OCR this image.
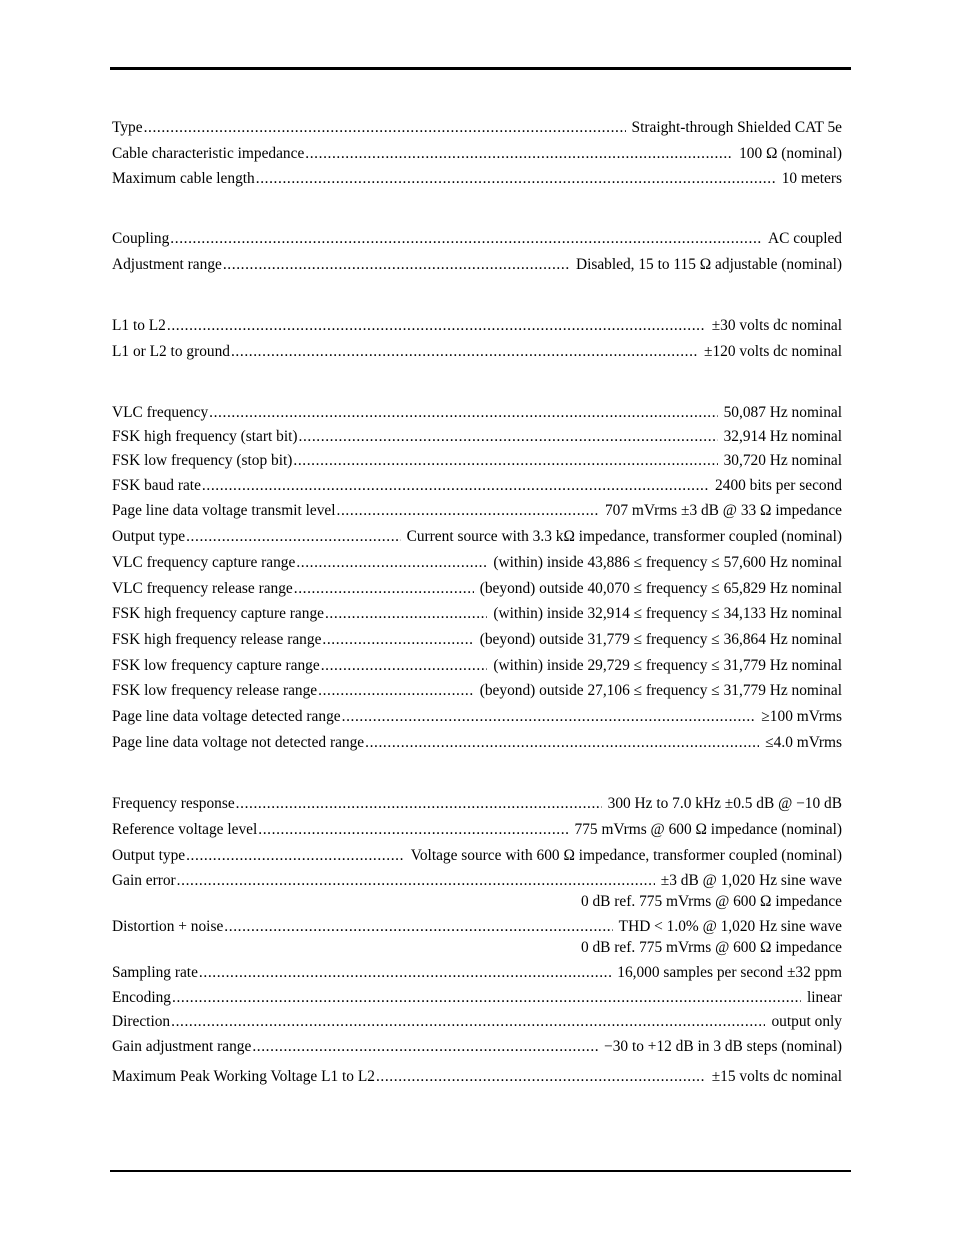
Type .....	Straight-through Shielded CAT 5e
Cable characteristic impedance .....	100 Ω (nominal)
Maximum cable length .....	10 meters
Coupling .....	AC coupled
Adjustment range .....	Disabled, 15 to 115 Ω adjustable (nominal)
L1 to L2 .....	±30 volts dc nominal
L1 or L2 to ground .....	±120 volts dc nominal
VLC frequency .....	50,087 Hz nominal
FSK high frequency (start bit) .....	32,914 Hz nominal
FSK low frequency (stop bit) .....	30,720 Hz nominal
FSK baud rate .....	2400 bits per second
Page line data voltage transmit level .....	707 mVrms ±3 dB @ 33 Ω impedance
Output type .....	Current source with 3.3 kΩ impedance, transformer coupled (nominal)
VLC frequency capture range .....	(within) inside 43,886 ≤ frequency ≤ 57,600 Hz nominal
VLC frequency release range .....	(beyond) outside 40,070 ≤ frequency ≤ 65,829 Hz nominal
FSK high frequency capture range .....	(within) inside 32,914 ≤ frequency ≤ 34,133 Hz nominal
FSK high frequency release range .....	(beyond) outside 31,779 ≤ frequency ≤ 36,864 Hz nominal
FSK low frequency capture range .....	(within) inside 29,729 ≤ frequency ≤ 31,779 Hz nominal
FSK low frequency release range .....	(beyond) outside 27,106 ≤ frequency ≤ 31,779 Hz nominal
Page line data voltage detected range .....	≥100 mVrms
Page line data voltage not detected range .....	≤4.0 mVrms
Frequency response .....	300 Hz to 7.0 kHz ±0.5 dB @ −10 dB
Reference voltage level .....	775 mVrms @ 600 Ω impedance (nominal)
Output type .....	Voltage source with 600 Ω impedance, transformer coupled (nominal)
Gain error .....	±3 dB @ 1,020 Hz sine wave
0 dB ref. 775 mVrms @ 600 Ω impedance
Distortion + noise .....	THD < 1.0% @ 1,020 Hz sine wave
0 dB ref. 775 mVrms @ 600 Ω impedance
Sampling rate .....	16,000 samples per second ±32 ppm
Encoding .....	linear
Direction .....	output only
Gain adjustment range .....	−30 to +12 dB in 3 dB steps (nominal)
Maximum Peak Working Voltage L1 to L2 .....	±15 volts dc nominal
